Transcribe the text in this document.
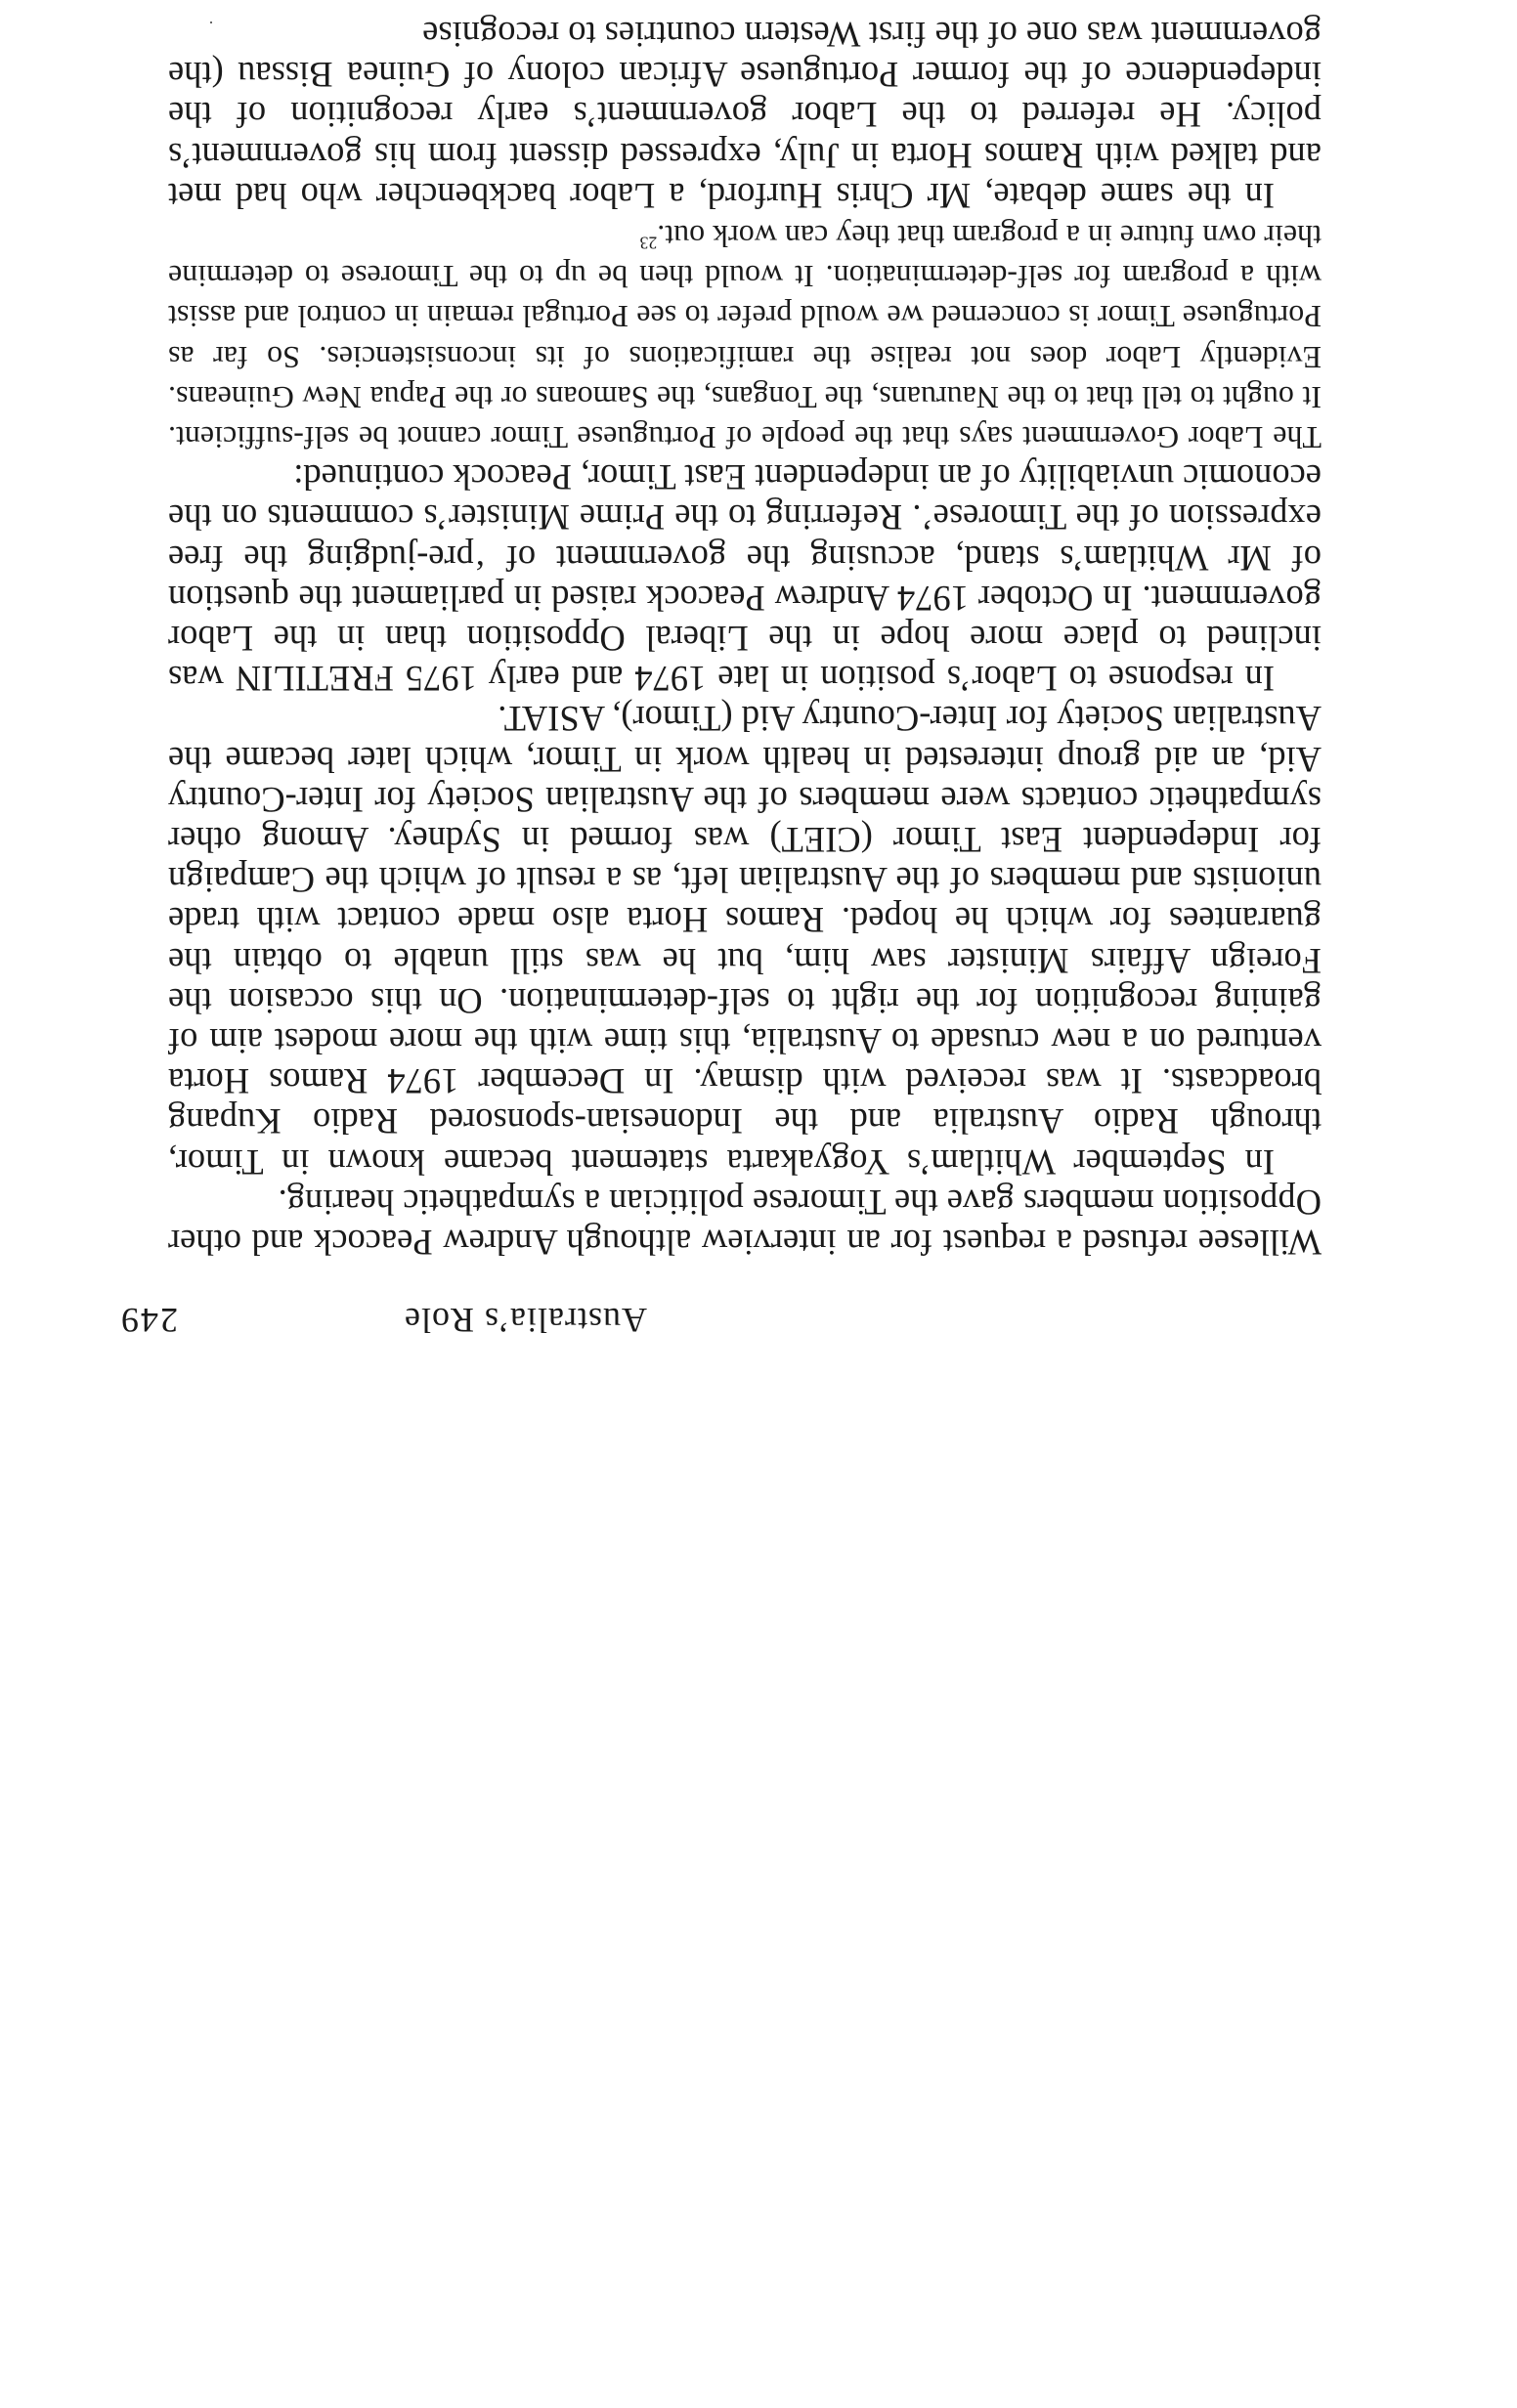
Australia’s Role
249

Willesee refused a request for an interview although Andrew Peacock and other Opposition members gave the Timorese politician a sympathetic hearing.

In September Whitlam’s Yogyakarta statement became known in Timor, through Radio Australia and the Indonesian-sponsored Radio Kupang broadcasts. It was received with dismay. In December 1974 Ramos Horta ventured on a new crusade to Australia, this time with the more modest aim of gaining recognition for the right to self-determination. On this occasion the Foreign Affairs Minister saw him, but he was still unable to obtain the guarantees for which he hoped. Ramos Horta also made contact with trade unionists and members of the Australian left, as a result of which the Campaign for Independent East Timor (CIET) was formed in Sydney. Among other sympathetic contacts were members of the Australian Society for Inter-Country Aid, an aid group interested in health work in Timor, which later became the Australian Society for Inter-Country Aid (Timor), ASIAT.

In response to Labor’s position in late 1974 and early 1975 FRETILIN was inclined to place more hope in the Liberal Opposition than in the Labor government. In October 1974 Andrew Peacock raised in parliament the question of Mr Whitlam’s stand, accusing the government of ‘pre-judging the free expression of the Timorese’. Referring to the Prime Minister’s comments on the economic unviability of an independent East Timor, Peacock continued:

The Labor Government says that the people of Portuguese Timor cannot be self-sufficient. It ought to tell that to the Nauruans, the Tongans, the Samoans or the Papua New Guineans. Evidently Labor does not realise the ramifications of its inconsistencies. So far as Portuguese Timor is concerned we would prefer to see Portugal remain in control and assist with a program for self-determination. It would then be up to the Timorese to determine their own future in a program that they can work out.$^{23}$

In the same debate, Mr Chris Hurford, a Labor backbencher who had met and talked with Ramos Horta in July, expressed dissent from his government’s policy. He referred to the Labor government’s early recognition of the independence of the former Portuguese African colony of Guinea Bissau (the government was one of the first Western countries to recognise
